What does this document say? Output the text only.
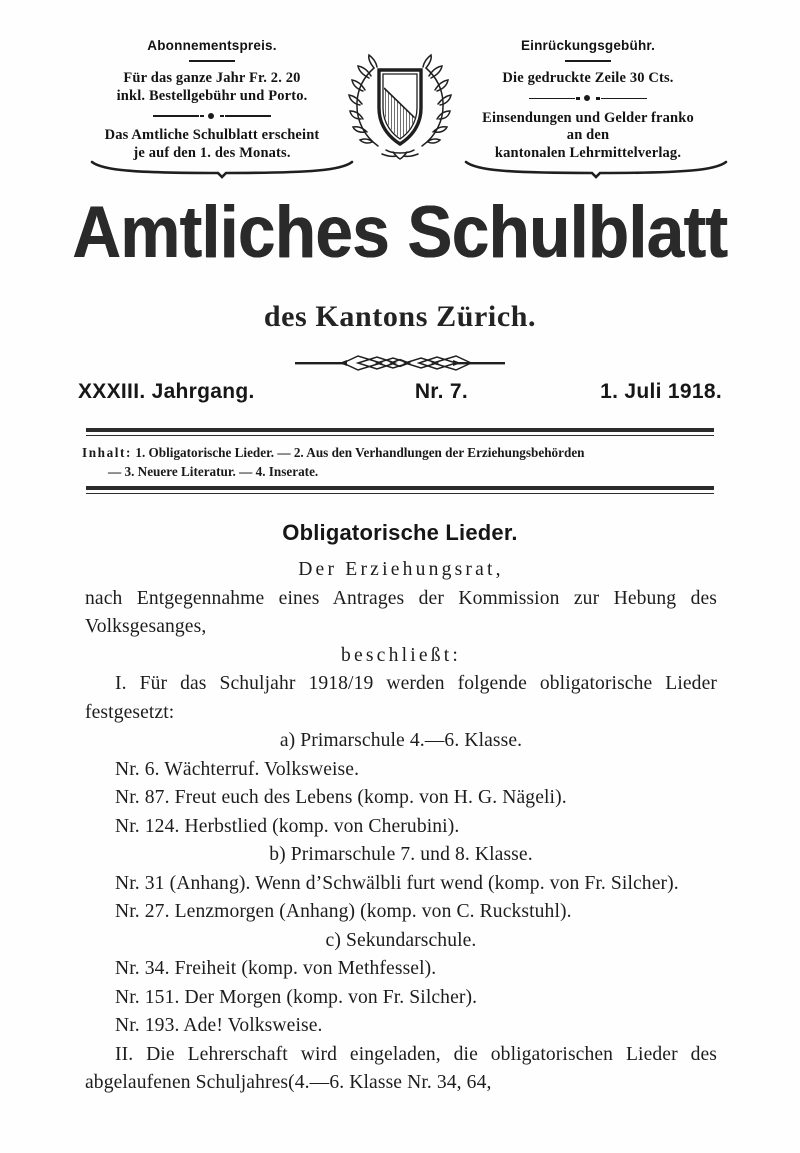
Abonnementspreis.
Für das ganze Jahr Fr. 2. 20
inkl. Bestellgebühr und Porto.
Das Amtliche Schulblatt erscheint
je auf den 1. des Monats.
Einrückungsgebühr.
Die gedruckte Zeile 30 Cts.
Einsendungen und Gelder franko
an den
kantonalen Lehrmittelverlag.
Amtliches Schulblatt
des Kantons Zürich.
XXXIII. Jahrgang.	Nr. 7.	1. Juli 1918.
Inhalt: 1. Obligatorische Lieder. — 2. Aus den Verhandlungen der Erziehungsbehörden
— 3. Neuere Literatur. — 4. Inserate.
Obligatorische Lieder.

Der Erziehungsrat,

nach Entgegennahme eines Antrages der Kommission zur Hebung des Volksgesanges,

beschließt:

I. Für das Schuljahr 1918/19 werden folgende obligatorische Lieder festgesetzt:

a) Primarschule 4.—6. Klasse.

Nr. 6. Wächterruf. Volksweise.

Nr. 87. Freut euch des Lebens (komp. von H. G. Nägeli).

Nr. 124. Herbstlied (komp. von Cherubini).

b) Primarschule 7. und 8. Klasse.

Nr. 31 (Anhang). Wenn d’Schwälbli furt wend (komp. von Fr. Silcher).

Nr. 27. Lenzmorgen (Anhang) (komp. von C. Ruckstuhl).

c) Sekundarschule.

Nr. 34. Freiheit (komp. von Methfessel).

Nr. 151. Der Morgen (komp. von Fr. Silcher).

Nr. 193. Ade! Volksweise.

II. Die Lehrerschaft wird eingeladen, die obligatorischen Lieder des abgelaufenen Schuljahres(4.—6. Klasse Nr. 34, 64,
